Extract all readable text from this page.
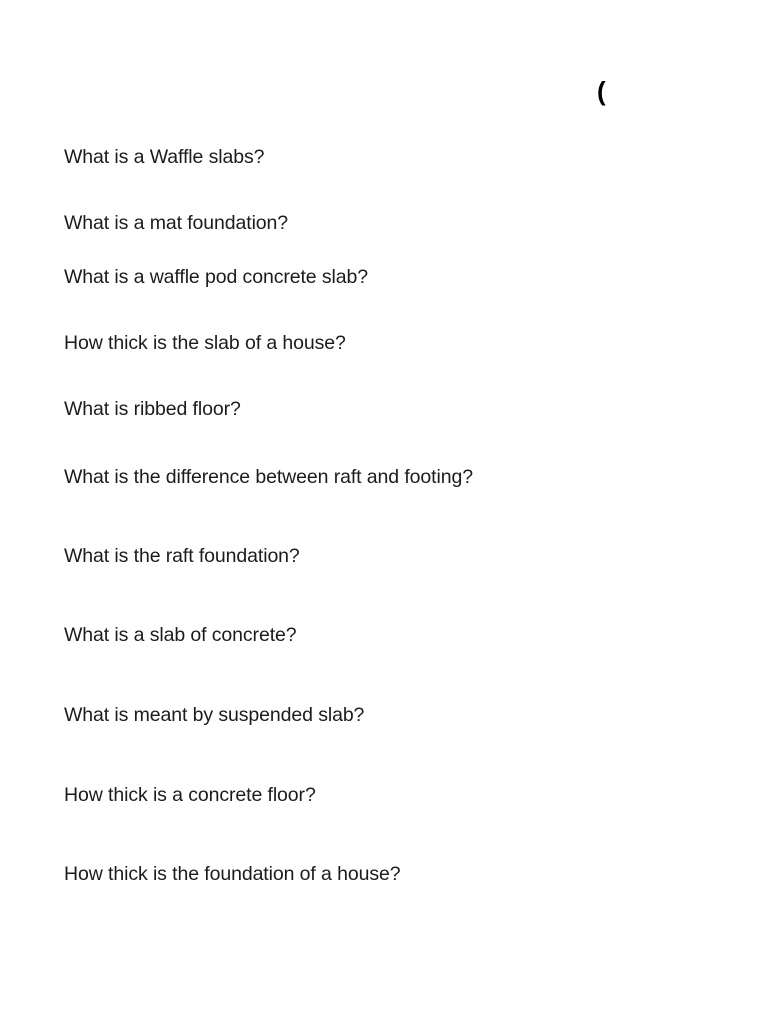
(
What is a Waffle slabs?
What is a mat foundation?
What is a waffle pod concrete slab?
How thick is the slab of a house?
What is ribbed floor?
What is the difference between raft and footing?
What is the raft foundation?
What is a slab of concrete?
What is meant by suspended slab?
How thick is a concrete floor?
How thick is the foundation of a house?
